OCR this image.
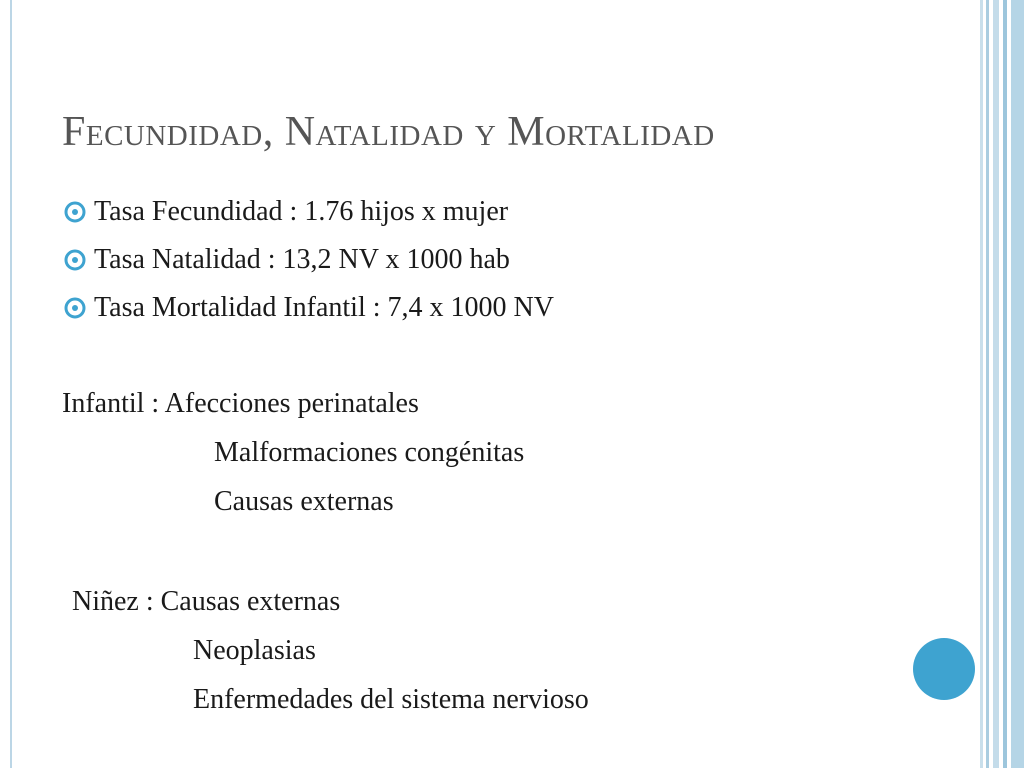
Fecundidad, Natalidad y Mortalidad
Tasa Fecundidad : 1.76 hijos x mujer
Tasa Natalidad : 13,2 NV x 1000 hab
Tasa Mortalidad Infantil : 7,4 x 1000 NV

Infantil : Afecciones perinatales

Malformaciones congénitas

Causas externas

Niñez : Causas externas

Neoplasias

Enfermedades del sistema nervioso
